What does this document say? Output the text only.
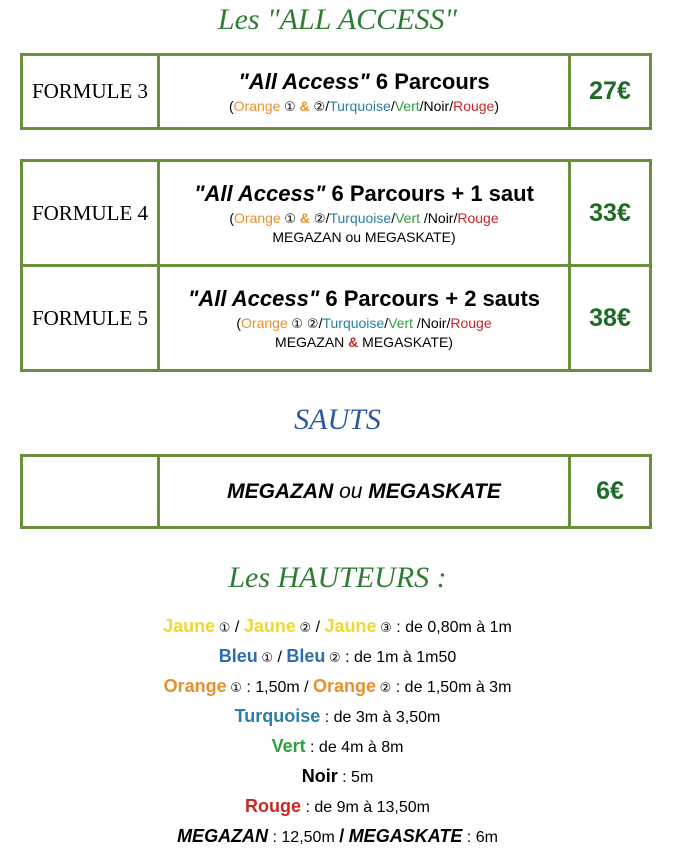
Les "ALL ACCESS"
FORMULE 3	"All Access" 6 Parcours
(Orange ① & ②/Turquoise/Vert/Noir/Rouge)
	27€
FORMULE 4	"All Access" 6 Parcours + 1 saut
(Orange ① & ②/Turquoise/Vert /Noir/Rouge
MEGAZAN ou MEGASKATE)	33€
FORMULE 5	"All Access" 6 Parcours + 2 sauts
(Orange ① ②/Turquoise/Vert /Noir/Rouge
MEGAZAN & MEGASKATE)	38€
SAUTS
	MEGAZAN ou MEGASKATE	6€
Les HAUTEURS :
Jaune ① / Jaune ② / Jaune ③ : de 0,80m à 1m
Bleu ① / Bleu ② : de 1m à 1m50
Orange ① : 1,50m / Orange ② : de 1,50m à 3m
Turquoise : de 3m à 3,50m
Vert : de 4m à 8m
Noir : 5m
Rouge : de 9m à 13,50m
MEGAZAN : 12,50m / MEGASKATE : 6m
